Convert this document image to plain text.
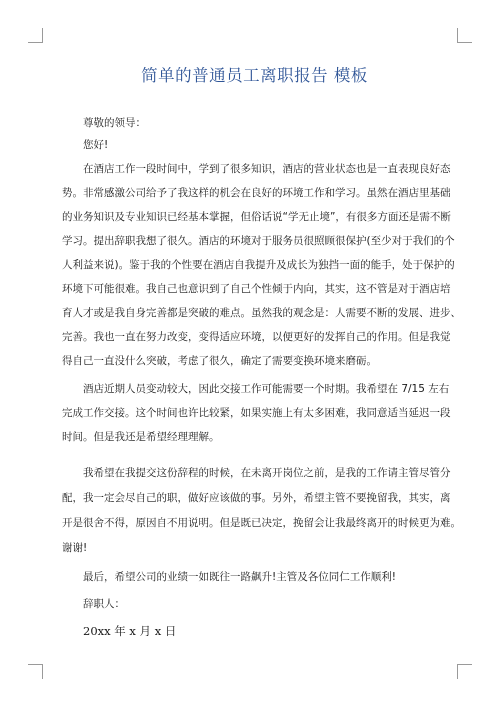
简单的普通员工离职报告 模板
尊敬的领导：
您好!
在酒店工作一段时间中，学到了很多知识，酒店的营业状态也是一直表现良好态
势。非常感激公司给予了我这样的机会在良好的环境工作和学习。虽然在酒店里基础
的业务知识及专业知识已经基本掌握，但俗话说“学无止境”，有很多方面还是需不断
学习。提出辞职我想了很久。酒店的环境对于服务员很照顾很保护(至少对于我们的个
人利益来说)。鉴于我的个性要在酒店自我提升及成长为独挡一面的能手，处于保护的
环境下可能很难。我自己也意识到了自己个性倾于内向，其实，这不管是对于酒店培
育人才或是我自身完善都是突破的难点。虽然我的观念是：人需要不断的发展、进步、
完善。我也一直在努力改变，变得适应环境，以便更好的发挥自己的作用。但是我觉
得自己一直没什么突破，考虑了很久，确定了需要变换环境来磨砺。
酒店近期人员变动较大，因此交接工作可能需要一个时期。我希望在 7/15 左右
完成工作交接。这个时间也许比较紧，如果实施上有太多困难，我同意适当延迟一段
时间。但是我还是希望经理理解。
我希望在我提交这份辞程的时候，在未离开岗位之前，是我的工作请主管尽管分
配，我一定会尽自己的职，做好应该做的事。另外，希望主管不要挽留我，其实，离
开是很舍不得，原因自不用说明。但是既已决定，挽留会让我最终离开的时候更为难。
谢谢!
最后，希望公司的业绩一如既往一路飙升!主管及各位同仁工作顺利!
辞职人：
20xx 年 x 月 x 日
